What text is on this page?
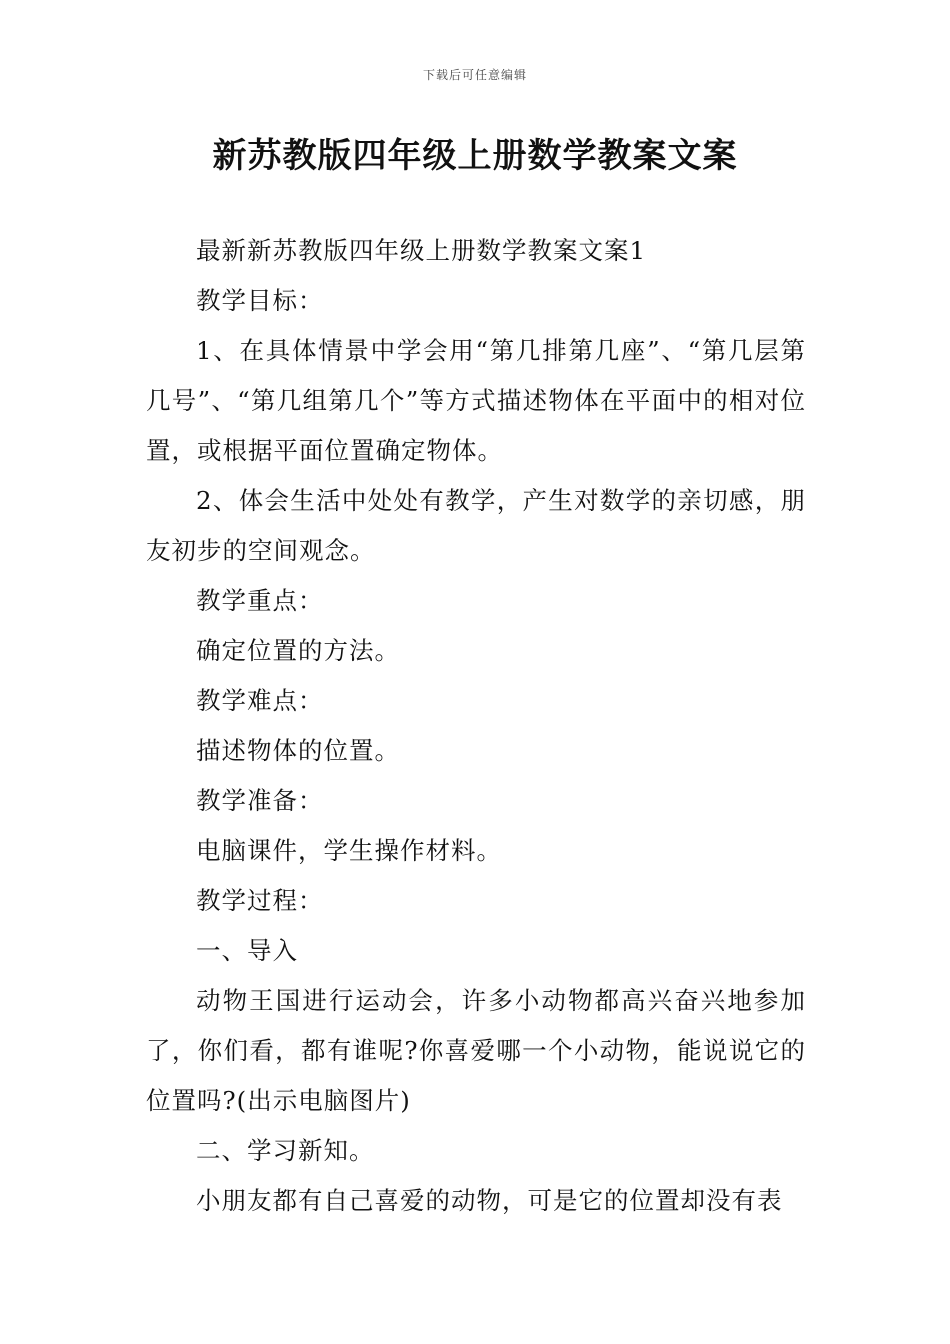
下载后可任意编辑
新苏教版四年级上册数学教案文案

最新新苏教版四年级上册数学教案文案1

教学目标：

1、在具体情景中学会用“第几排第几座”、“第几层第几号”、“第几组第几个”等方式描述物体在平面中的相对位置，或根据平面位置确定物体。

2、体会生活中处处有教学，产生对数学的亲切感，朋友初步的空间观念。

教学重点：

确定位置的方法。

教学难点：

描述物体的位置。

教学准备：

电脑课件，学生操作材料。

教学过程：

一、导入

动物王国进行运动会，许多小动物都高兴奋兴地参加了，你们看，都有谁呢?你喜爱哪一个小动物，能说说它的位置吗?(出示电脑图片)

二、学习新知。

小朋友都有自己喜爱的动物，可是它的位置却没有表
